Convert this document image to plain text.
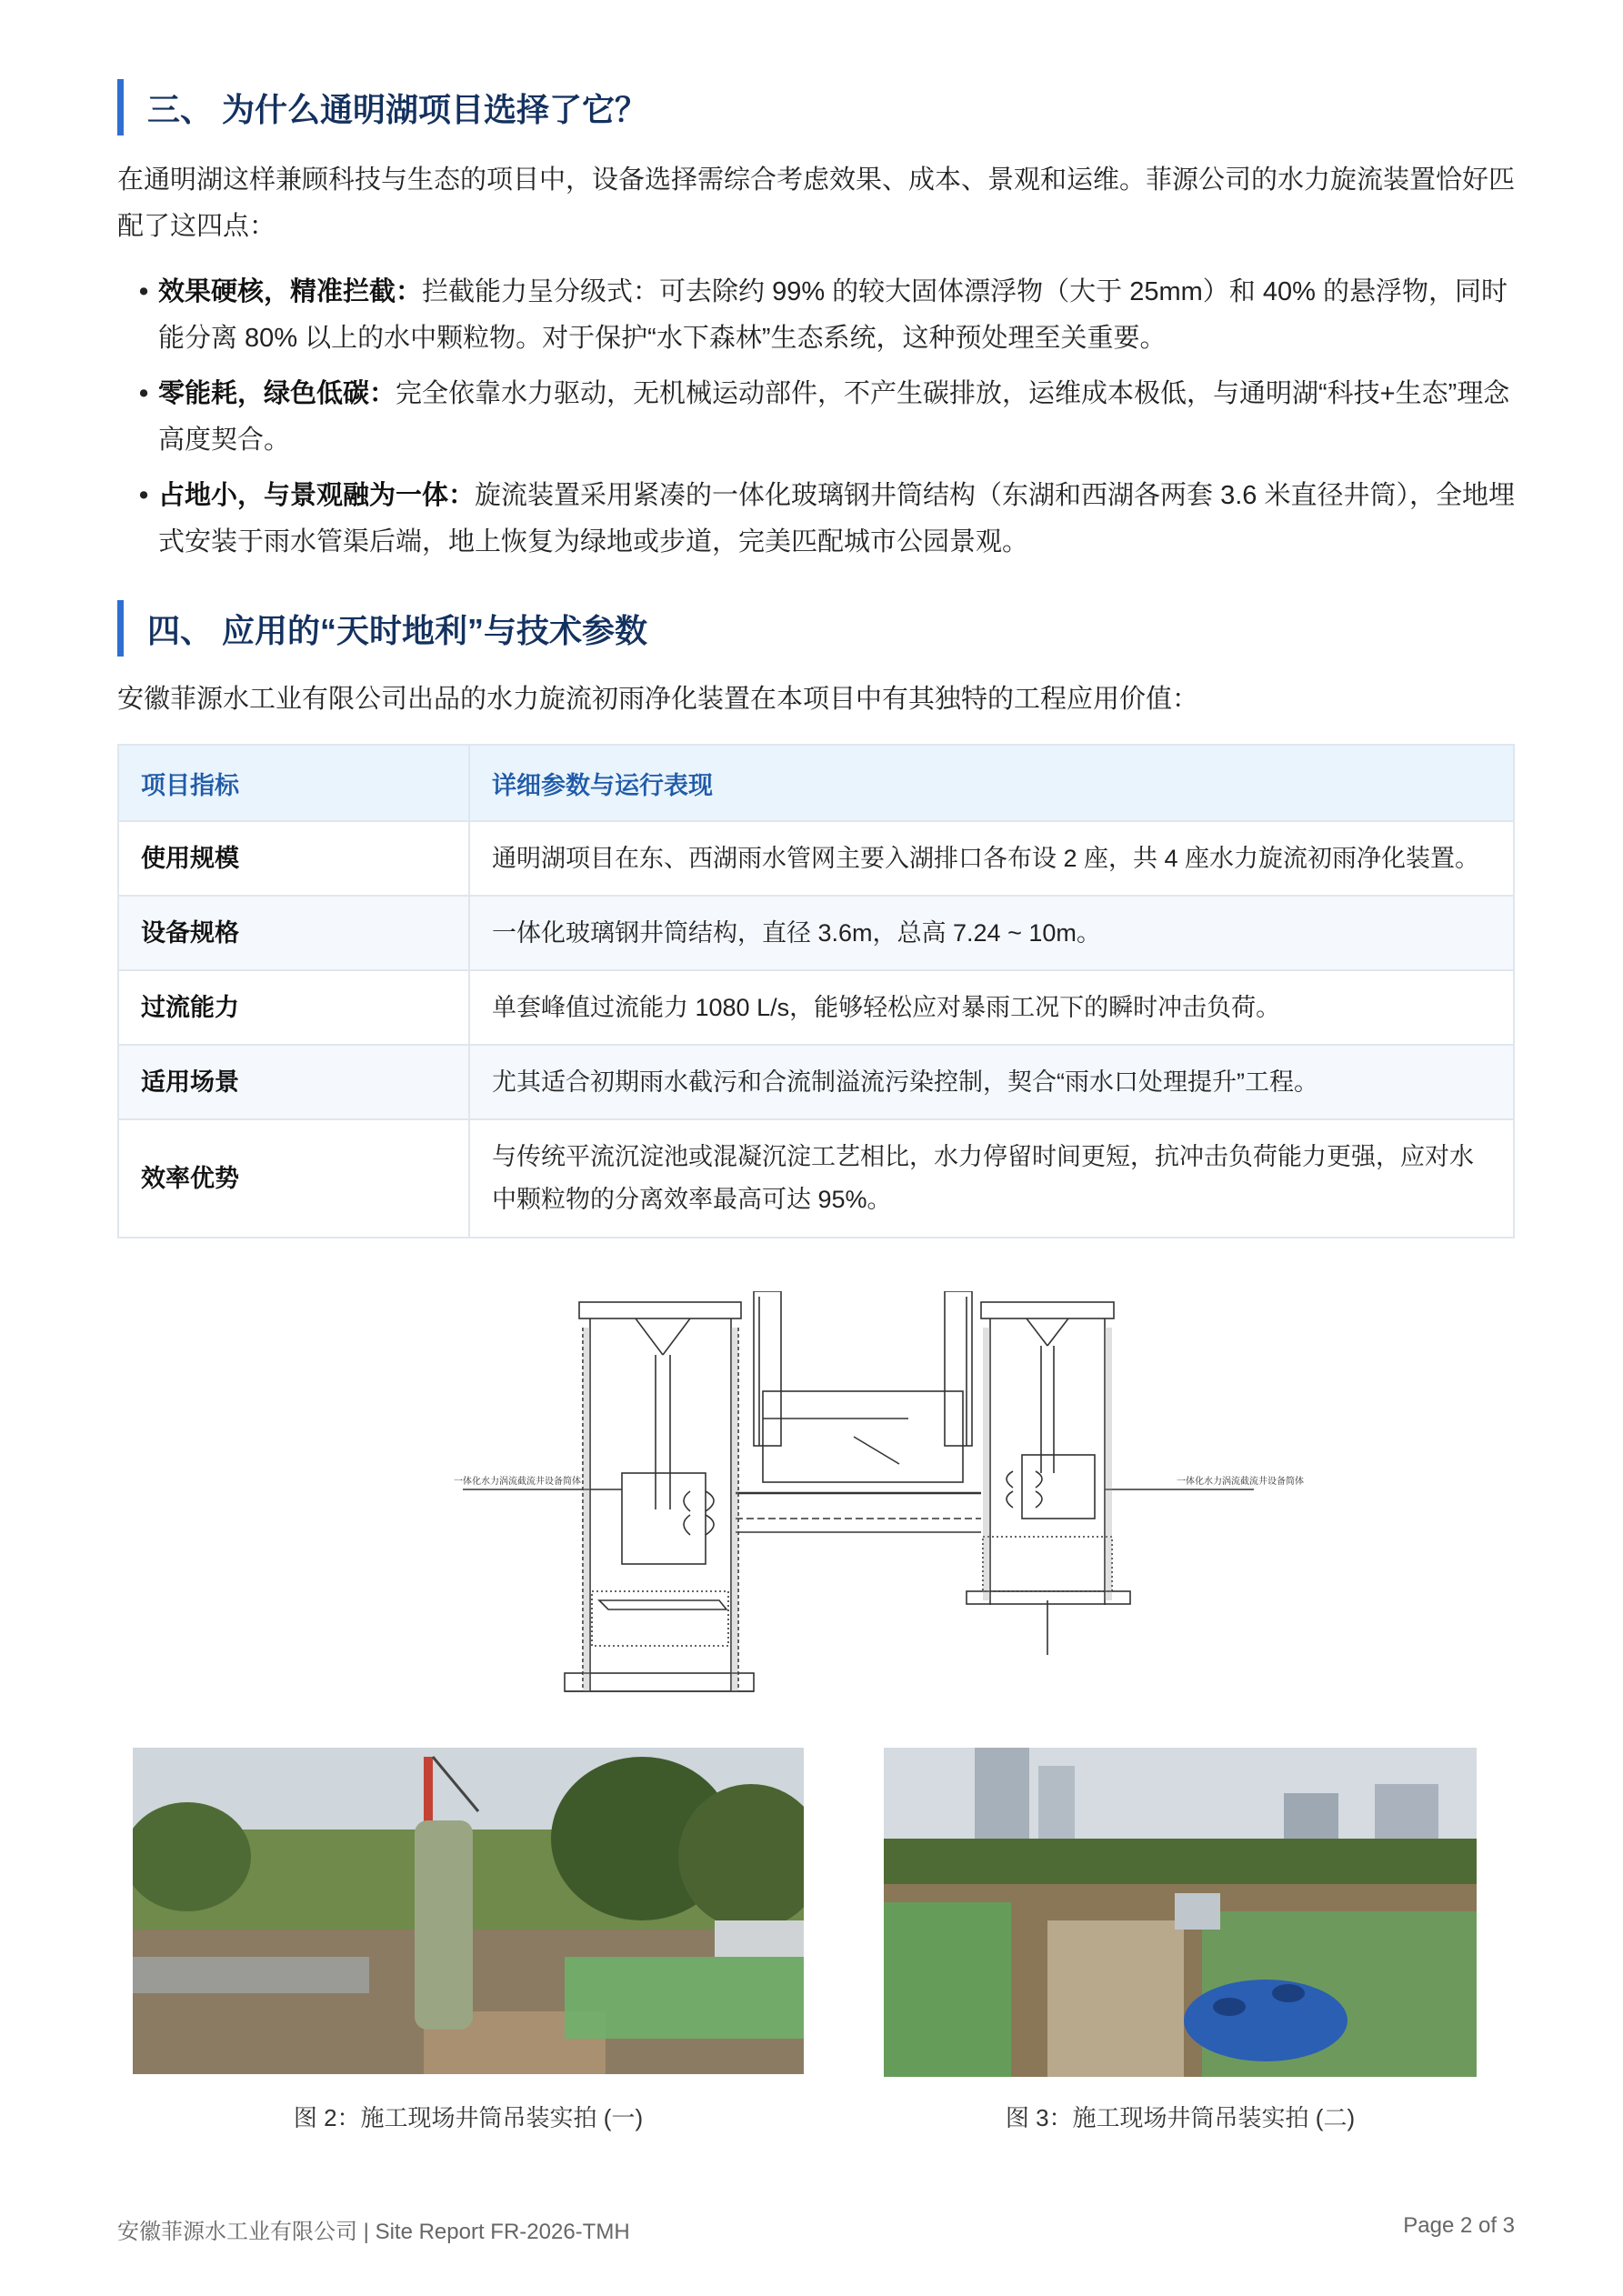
三、 为什么通明湖项目选择了它？

在通明湖这样兼顾科技与生态的项目中，设备选择需综合考虑效果、成本、景观和运维。菲源公司的水力旋流装置恰好匹配了这四点：

• 效果硬核，精准拦截：拦截能力呈分级式：可去除约 99% 的较大固体漂浮物（大于 25mm）和 40% 的悬浮物，同时能分离 80% 以上的水中颗粒物。对于保护“水下森林”生态系统，这种预处理至关重要。
• 零能耗，绿色低碳：完全依靠水力驱动，无机械运动部件，不产生碳排放，运维成本极低，与通明湖“科技+生态”理念高度契合。
• 占地小，与景观融为一体：旋流装置采用紧凑的一体化玻璃钢井筒结构（东湖和西湖各两套 3.6 米直径井筒），全地埋式安装于雨水管渠后端，地上恢复为绿地或步道，完美匹配城市公园景观。
四、 应用的“天时地利”与技术参数

安徽菲源水工业有限公司出品的水力旋流初雨净化装置在本项目中有其独特的工程应用价值：

项目指标	详细参数与运行表现
使用规模	通明湖项目在东、西湖雨水管网主要入湖排口各布设 2 座，共 4 座水力旋流初雨净化装置。
设备规格	一体化玻璃钢井筒结构，直径 3.6m，总高 7.24 ~ 10m。
过流能力	单套峰值过流能力 1080 L/s，能够轻松应对暴雨工况下的瞬时冲击负荷。
适用场景	尤其适合初期雨水截污和合流制溢流污染控制，契合“雨水口处理提升”工程。
效率优势	与传统平流沉淀池或混凝沉淀工艺相比，水力停留时间更短，抗冲击负荷能力更强，应对水中颗粒物的分离效率最高可达 95%。
一体化水力涡流截流井设备简体	一体化水力涡流截流井设备简体
图 2：施工现场井筒吊装实拍 (一)	图 3：施工现场井筒吊装实拍 (二)
安徽菲源水工业有限公司 | Site Report FR-2026-TMH	Page 2 of 3
